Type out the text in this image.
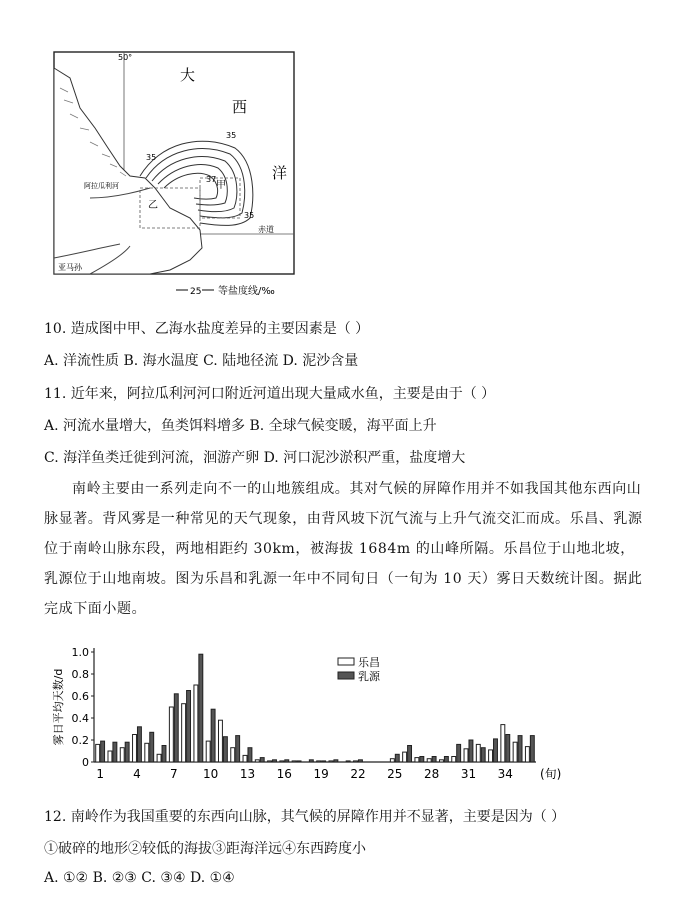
50°
大
西
洋
35
35
35
37
阿拉瓜利河	甲
乙
赤道
亚马孙
25 等盐度线/‰
10. 造成图中甲、乙海水盐度差异的主要因素是（ ）
A. 洋流性质 B. 海水温度 C. 陆地径流 D. 泥沙含量
11. 近年来，阿拉瓜利河河口附近河道出现大量咸水鱼，主要是由于（ ）
A. 河流水量增大，鱼类饵料增多 B. 全球气候变暖，海平面上升
C. 海洋鱼类迁徙到河流，洄游产卵 D. 河口泥沙淤积严重，盐度增大
南岭主要由一系列走向不一的山地簇组成。其对气候的屏障作用并不如我国其他东西向山脉显著。背风雾是一种常见的天气现象，由背风坡下沉气流与上升气流交汇而成。乐昌、乳源位于南岭山脉东段，两地相距约 30km，被海拔 1684m 的山峰所隔。乐昌位于山地北坡，乳源位于山地南坡。图为乐昌和乳源一年中不同旬日（一旬为 10 天）雾日天数统计图。据此完成下面小题。
0
0.2
0.4
0.6
0.8
1.0
雾日平均天数/d
1 4 7 10 13 16 19 22 25 28 31 34 (旬)
乐昌
乳源
12. 南岭作为我国重要的东西向山脉，其气候的屏障作用并不显著，主要是因为（ ）
①破碎的地形②较低的海拔③距海洋远④东西跨度小
A. ①② B. ②③ C. ③④ D. ①④
